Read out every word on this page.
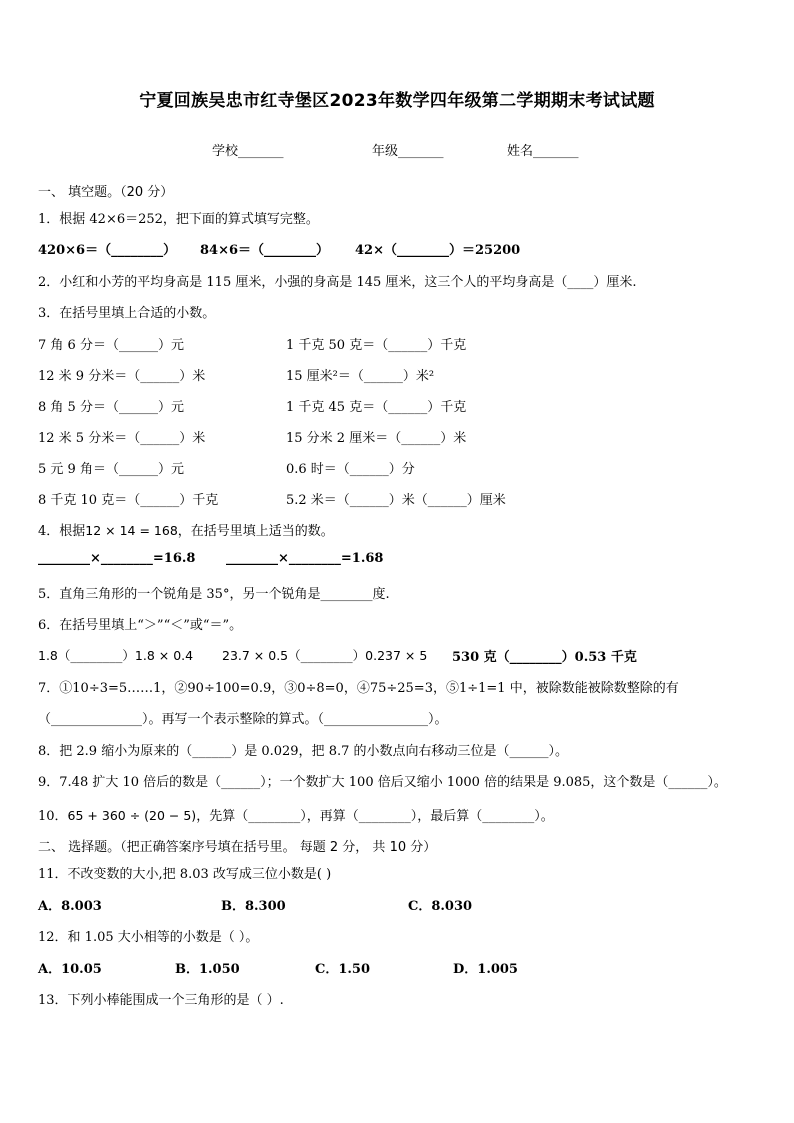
宁夏回族吴忠市红寺堡区2023年数学四年级第二学期期末考试试题
学校_______	年级_______	姓名_______
一、 填空题。（20 分）
1．根据 42×6＝252，把下面的算式填写完整。
420×6＝（________） 84×6＝（________） 42×（________）＝25200
2．小红和小芳的平均身高是 115 厘米，小强的身高是 145 厘米，这三个人的平均身高是（____）厘米.
3．在括号里填上合适的小数。
7 角 6 分＝（______）元	1 千克 50 克＝（______）千克
12 米 9 分米＝（______）米	15 厘米²＝（______）米²
8 角 5 分＝（______）元	1 千克 45 克＝（______）千克
12 米 5 分米＝（______）米	15 分米 2 厘米＝（______）米
5 元 9 角＝（______）元	0.6 时＝（______）分
8 千克 10 克＝（______）千克	5.2 米＝（______）米（______）厘米
4．根据12 × 14 = 168，在括号里填上适当的数。
________×________=16.8 ________×________=1.68
5．直角三角形的一个锐角是 35°，另一个锐角是________度.
6．在括号里填上“＞”“＜”或“＝”。
1.8（________）1.8 × 0.4 23.7 × 0.5（________）0.237 × 5 530 克（________）0.53 千克
7．①10÷3=5……1，②90÷100=0.9，③0÷8=0，④75÷25=3，⑤1÷1=1 中，被除数能被除数整除的有
（______________）。再写一个表示整除的算式。（________________）。
8．把 2.9 缩小为原来的（______）是 0.029，把 8.7 的小数点向右移动三位是（______）。
9．7.48 扩大 10 倍后的数是（______）；一个数扩大 100 倍后又缩小 1000 倍的结果是 9.085，这个数是（______）。
10．65 + 360 ÷ (20 − 5)，先算（________），再算（________），最后算（________）。
二、 选择题。（把正确答案序号填在括号里。 每题 2 分， 共 10 分）
11．不改变数的大小,把 8.03 改写成三位小数是( )
A．8.003	B．8.300	C．8.030
12．和 1.05 大小相等的小数是（ ）。
A．10.05	B．1.050	C．1.50	D．1.005
13．下列小棒能围成一个三角形的是（ ）.
